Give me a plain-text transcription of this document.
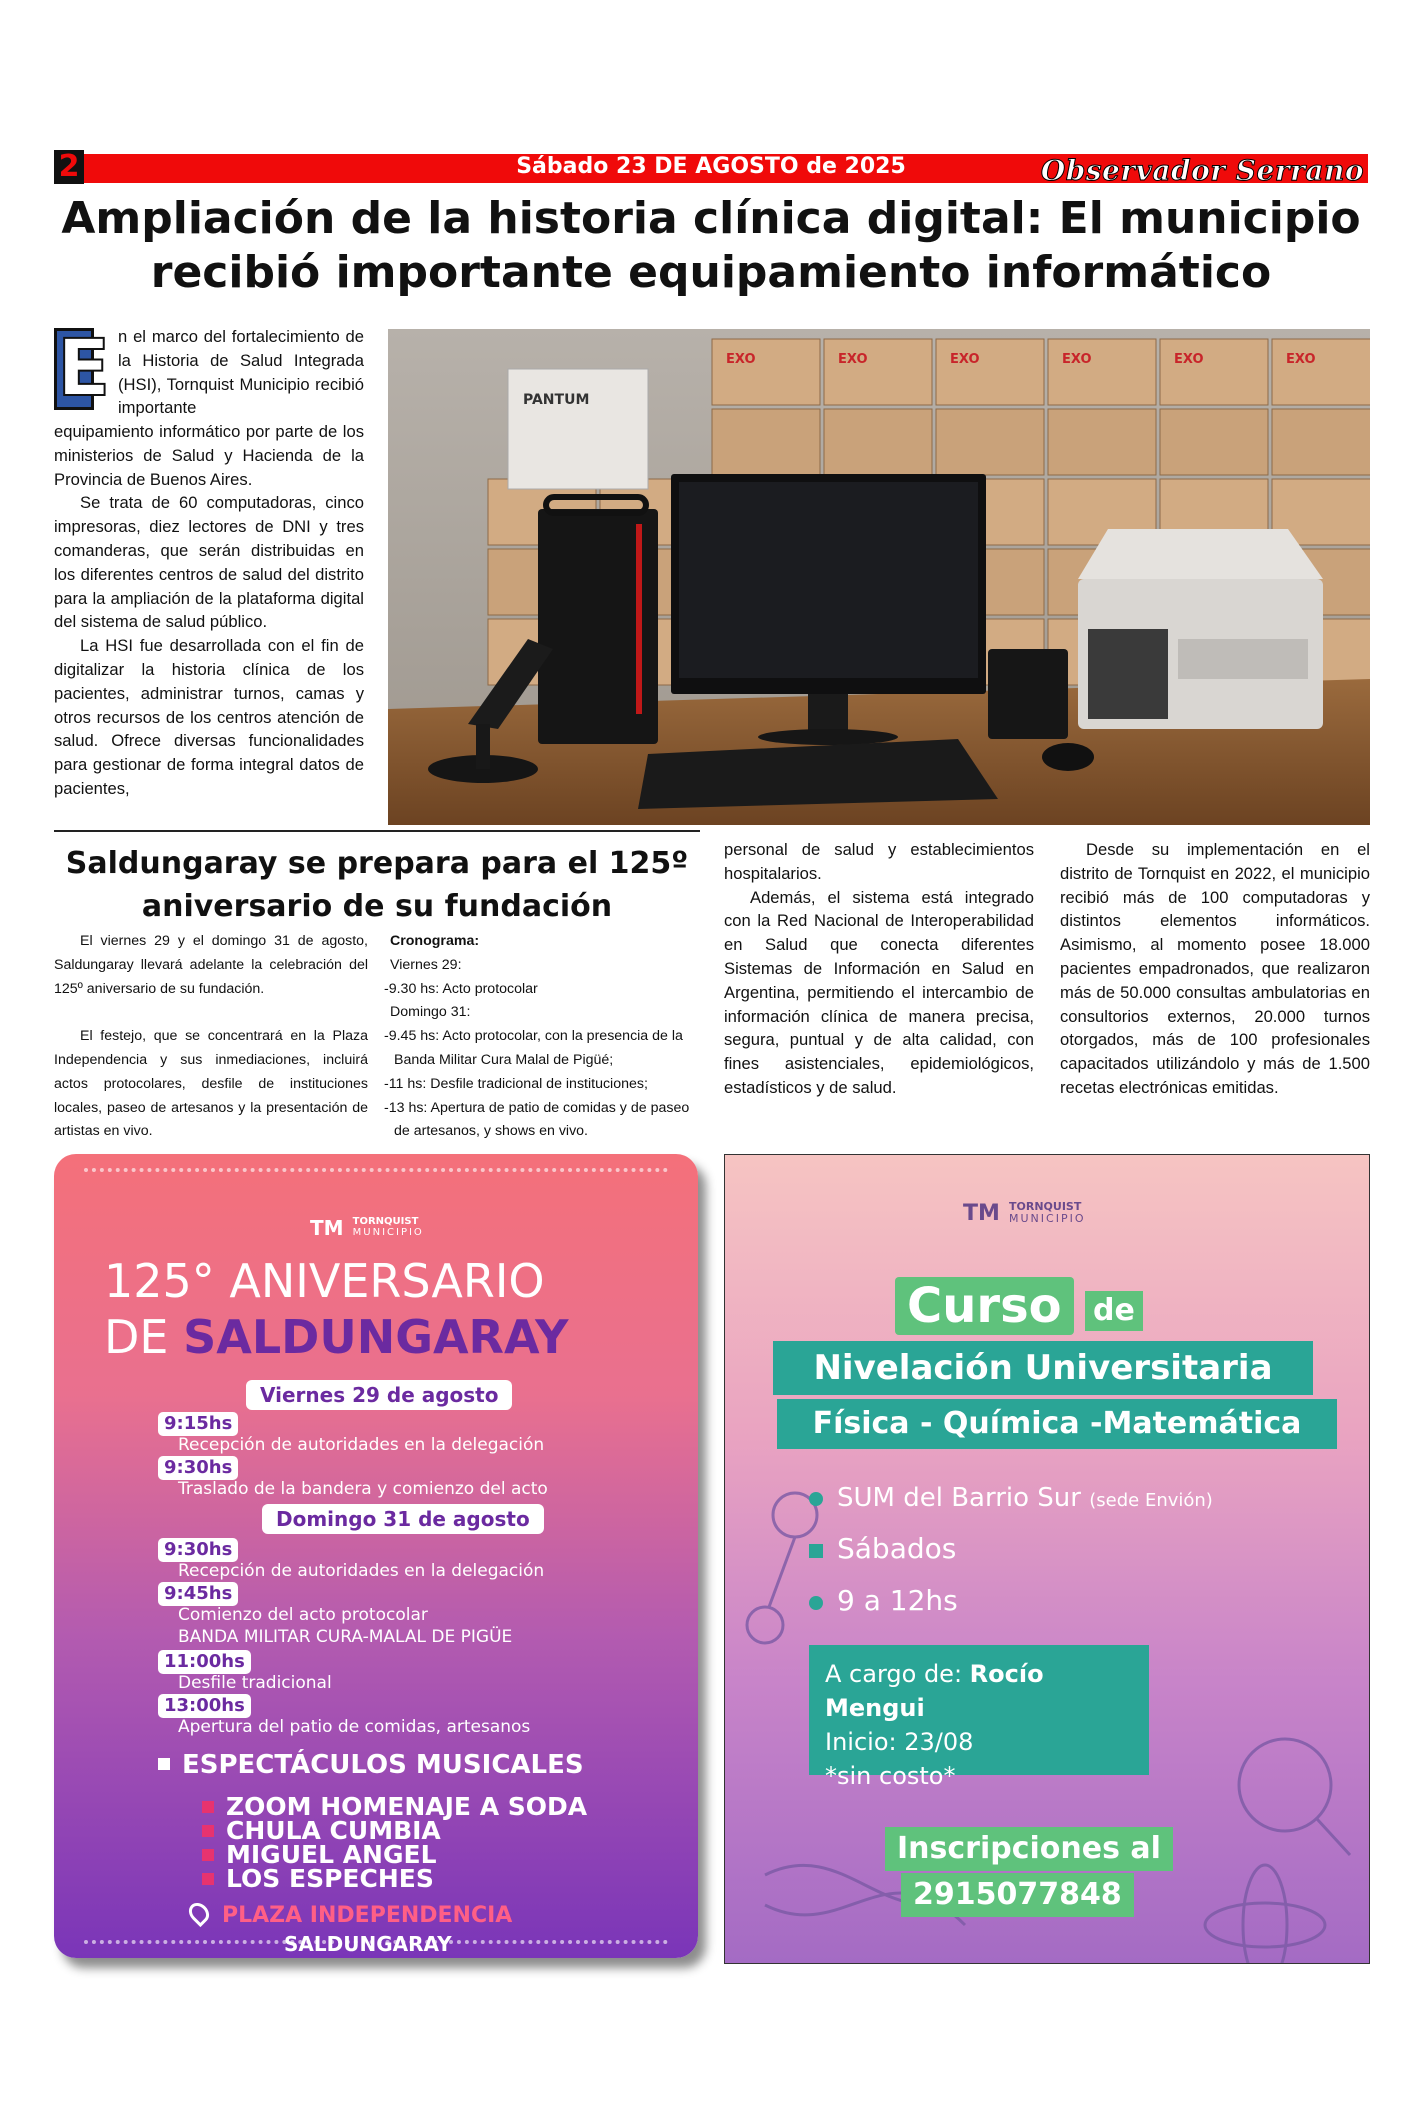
2	Sábado 23 DE AGOSTO de 2025	Observador Serrano
Ampliación de la historia clínica digital: El municipio recibió importante equipamiento informático
E n el marco del fortalecimiento de la Historia de Salud Integrada (HSI), Tornquist Municipio recibió importante

equipamiento informático por parte de los ministerios de Salud y Hacienda de la Provincia de Buenos Aires.

Se trata de 60 computadoras, cinco impresoras, diez lectores de DNI y tres comanderas, que serán distribuidas en los diferentes centros de salud del distrito para la ampliación de la plataforma digital del sistema de salud público.

La HSI fue desarrollada con el fin de digitalizar la historia clínica de los pacientes, administrar turnos, camas y otros recursos de los centros atención de salud. Ofrece diversas funcionalidades para gestionar de forma integral datos de pacientes,

EXO	EXO	EXO	EXO	EXO	EXO
PANTUM
Saldungaray se prepara para el 125º aniversario de su fundación
El viernes 29 y el domingo 31 de agosto, Saldungaray llevará adelante la celebración del 125º aniversario de su fundación.
El festejo, que se concentrará en la Plaza Independencia y sus inmediaciones, incluirá actos protocolares, desfile de instituciones locales, paseo de artesanos y la presentación de artistas en vivo.
Cronograma:
Viernes 29:
-9.30 hs: Acto protocolar
Domingo 31:
-9.45 hs: Acto protocolar, con la presencia de la Banda Militar Cura Malal de Pigüé;
-11 hs: Desfile tradicional de instituciones;
-13 hs: Apertura de patio de comidas y de paseo de artesanos, y shows en vivo.

personal de salud y establecimientos hospitalarios.

Además, el sistema está integrado con la Red Nacional de Interoperabilidad en Salud que conecta diferentes Sistemas de Información en Salud en Argentina, permitiendo el intercambio de información clínica de manera precisa, segura, puntual y de alta calidad, con fines asistenciales, epidemiológicos, estadísticos y de salud.

Desde su implementación en el distrito de Tornquist en 2022, el municipio recibió más de 100 computadoras y distintos elementos informáticos. Asimismo, al momento posee 18.000 pacientes empadronados, que realizaron más de 50.000 consultas ambulatorias en consultorios externos, 20.000 turnos otorgados, más de 100 profesionales capacitados utilizándolo y más de 1.500 recetas electrónicas emitidas.

TM TORNQUIST
MUNICIPIO
125° ANIVERSARIO
DE SALDUNGARAY
Viernes 29 de agosto
9:15hs
Recepción de autoridades en la delegación
9:30hs
Traslado de la bandera y comienzo del acto
Domingo 31 de agosto
9:30hs
Recepción de autoridades en la delegación
9:45hs
Comienzo del acto protocolar
BANDA MILITAR CURA-MALAL DE PIGÜE
11:00hs
Desfile tradicional
13:00hs
Apertura del patio de comidas, artesanos
ESPECTÁCULOS MUSICALES
ZOOM HOMENAJE A SODA
CHULA CUMBIA
MIGUEL ANGEL
LOS ESPECHES
PLAZA INDEPENDENCIA
SALDUNGARAY
TM TORNQUIST
MUNICIPIO
Curso	de
Nivelación Universitaria
Física - Química -Matemática
SUM del Barrio Sur (sede Envión)
Sábados
9 a 12hs
A cargo de: Rocío Mengui
Inicio: 23/08
*sin costo*
Inscripciones al
2915077848
